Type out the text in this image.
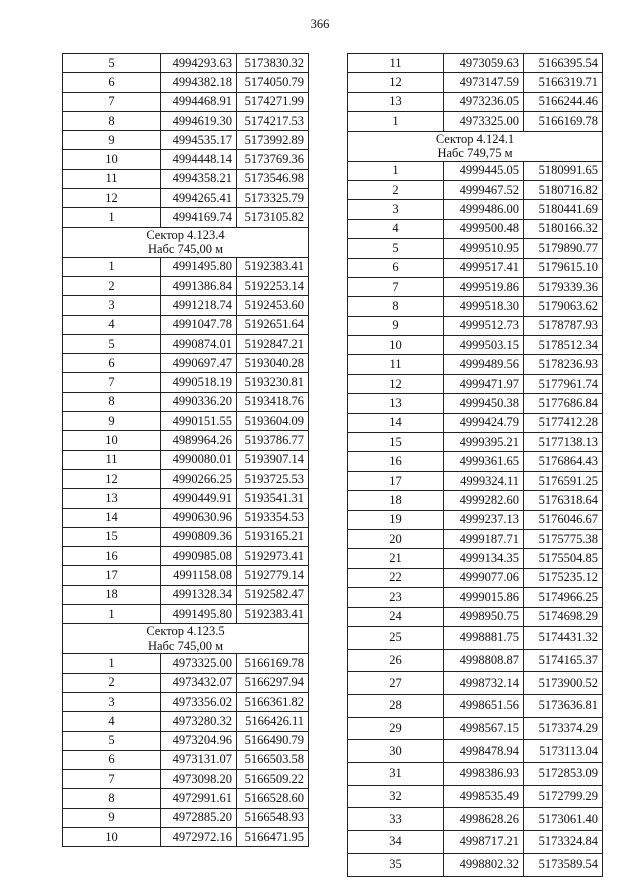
366
5	4994293.63	5173830.32
6	4994382.18	5174050.79
7	4994468.91	5174271.99
8	4994619.30	5174217.53
9	4994535.17	5173992.89
10	4994448.14	5173769.36
11	4994358.21	5173546.98
12	4994265.41	5173325.79
1	4994169.74	5173105.82

Сектор 4.123.4
Набс 745,00 м		

1	4991495.80	5192383.41
2	4991386.84	5192253.14
3	4991218.74	5192453.60
4	4991047.78	5192651.64
5	4990874.01	5192847.21
6	4990697.47	5193040.28
7	4990518.19	5193230.81
8	4990336.20	5193418.76
9	4990151.55	5193604.09
10	4989964.26	5193786.77
11	4990080.01	5193907.14
12	4990266.25	5193725.53
13	4990449.91	5193541.31
14	4990630.96	5193354.53
15	4990809.36	5193165.21
16	4990985.08	5192973.41
17	4991158.08	5192779.14
18	4991328.34	5192582.47
1	4991495.80	5192383.41

Сектор 4.123.5
Набс 745,00 м		

1	4973325.00	5166169.78
2	4973432.07	5166297.94
3	4973356.02	5166361.82
4	4973280.32	5166426.11
5	4973204.96	5166490.79
6	4973131.07	5166503.58
7	4973098.20	5166509.22
8	4972991.61	5166528.60
9	4972885.20	5166548.93
10	4972972.16	5166471.95
11	4973059.63	5166395.54
12	4973147.59	5166319.71
13	4973236.05	5166244.46
1	4973325.00	5166169.78

Сектор 4.124.1
Набс 749,75 м		

1	4999445.05	5180991.65
2	4999467.52	5180716.82
3	4999486.00	5180441.69
4	4999500.48	5180166.32
5	4999510.95	5179890.77
6	4999517.41	5179615.10
7	4999519.86	5179339.36
8	4999518.30	5179063.62
9	4999512.73	5178787.93
10	4999503.15	5178512.34
11	4999489.56	5178236.93
12	4999471.97	5177961.74
13	4999450.38	5177686.84
14	4999424.79	5177412.28
15	4999395.21	5177138.13
16	4999361.65	5176864.43
17	4999324.11	5176591.25
18	4999282.60	5176318.64
19	4999237.13	5176046.67
20	4999187.71	5175775.38
21	4999134.35	5175504.85
22	4999077.06	5175235.12
23	4999015.86	5174966.25
24	4998950.75	5174698.29
25	4998881.75	5174431.32
26	4998808.87	5174165.37
27	4998732.14	5173900.52
28	4998651.56	5173636.81
29	4998567.15	5173374.29
30	4998478.94	5173113.04
31	4998386.93	5172853.09
32	4998535.49	5172799.29
33	4998628.26	5173061.40
34	4998717.21	5173324.84
35	4998802.32	5173589.54
